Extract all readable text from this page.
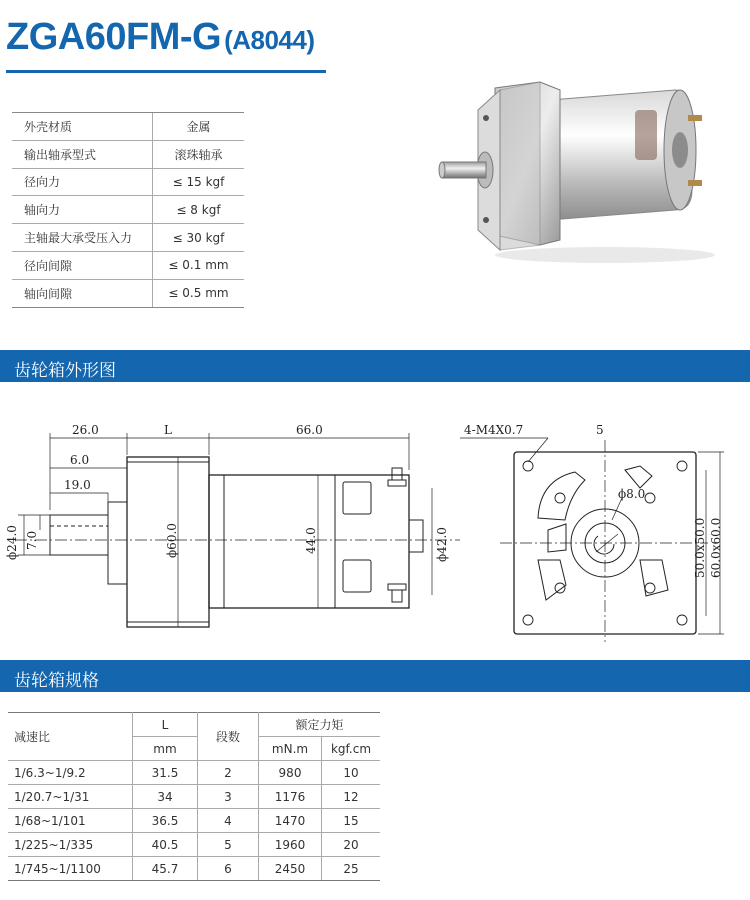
ZGA60FM-G (A8044)
外壳材质	金属
输出轴承型式	滚珠轴承
径向力	≤ 15 kgf
轴向力	≤ 8 kgf
主轴最大承受压入力	≤ 30 kgf
径向间隙	≤ 0.1 mm
轴向间隙	≤ 0.5 mm
齿轮箱外形图
26.0	L	66.0
6.0
19.0
ϕ24.0 7.0	ϕ60.0	44.0	ϕ42.0
4-M4X0.7	5
ϕ8.0
50.0x50.0 60.0x60.0
齿轮箱规格
减速比	L	段数	额定力矩	
	mm		mN.m	kgf.cm
1/6.3~1/9.2	31.5	2	980	10
1/20.7~1/31	34	3	1176	12
1/68~1/101	36.5	4	1470	15
1/225~1/335	40.5	5	1960	20
1/745~1/1100	45.7	6	2450	25
